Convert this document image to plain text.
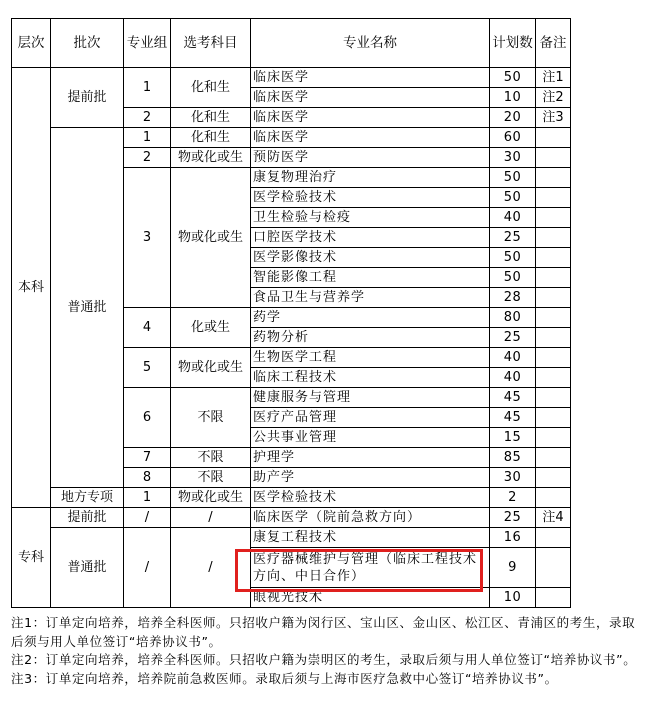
层次	批次	专业组	选考科目	专业名称	计划数	备注
本科	提前批	1	化和生	临床医学	50	注1
				临床医学	10	注2
		2	化和生	临床医学	20	注3
	普通批	1	化和生	临床医学	60	
		2	物或化或生	预防医学	30	
		3	物或化或生	康复物理治疗	50	
				医学检验技术	50	
				卫生检验与检疫	40	
				口腔医学技术	25	
				医学影像技术	50	
				智能影像工程	50	
				食品卫生与营养学	28	
		4	化或生	药学	80	
				药物分析	25	
		5	物或化或生	生物医学工程	40	
				临床工程技术	40	
		6	不限	健康服务与管理	45	
				医疗产品管理	45	
				公共事业管理	15	
		7	不限	护理学	85	
		8	不限	助产学	30	
	地方专项	1	物或化或生	医学检验技术	2	
专科	提前批	/	/	临床医学（院前急救方向）	25	注4
	普通批	/	/	康复工程技术	16	
				医疗器械维护与管理（临床工程技术方向、中日合作）	9	
				眼视光技术	10	

注1：订单定向培养，培养全科医师。只招收户籍为闵行区、宝山区、金山区、松江区、青浦区的考生，录取后须与用人单位签订“培养协议书”。

注2：订单定向培养，培养全科医师。只招收户籍为崇明区的考生，录取后须与用人单位签订“培养协议书”。

注3：订单定向培养，培养院前急救医师。录取后须与上海市医疗急救中心签订“培养协议书”。
